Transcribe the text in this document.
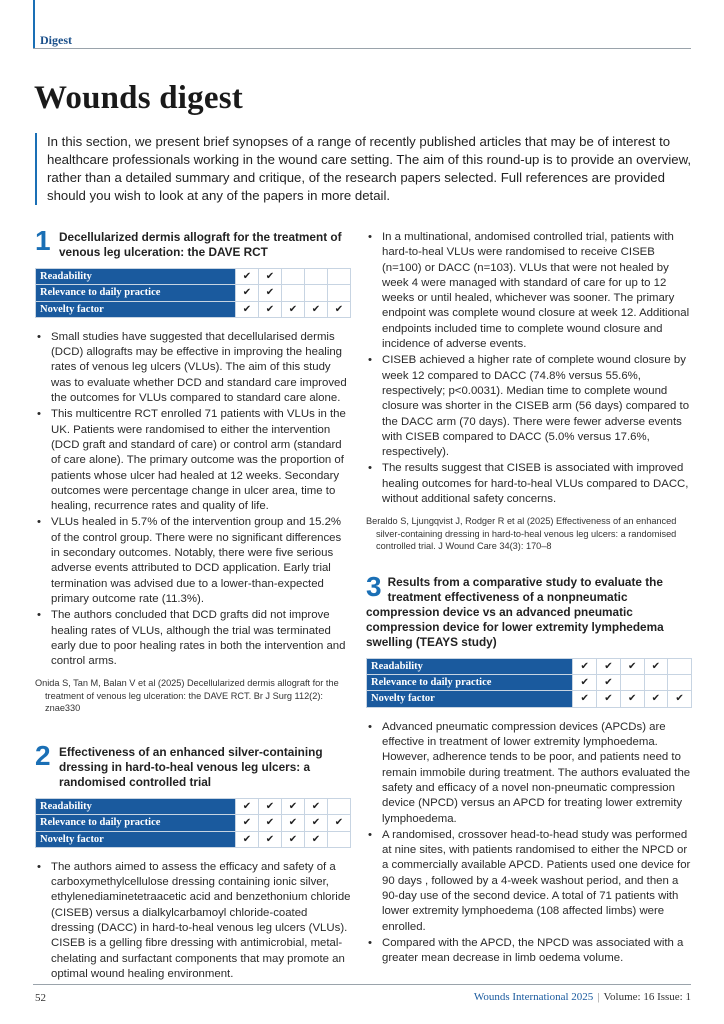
Digest
Wounds digest

In this section, we present brief synopses of a range of recently published articles that may be of interest to healthcare professionals working in the wound care setting. The aim of this round-up is to provide an overview, rather than a detailed summary and critique, of the research papers selected. Full references are provided should you wish to look at any of the papers in more detail.

1 Decellularized dermis allograft for the treatment of venous leg ulceration: the DAVE RCT
Readability	✔	✔			
Relevance to daily practice	✔	✔			
Novelty factor	✔	✔	✔	✔	✔
• Small studies have suggested that decellularised dermis (DCD) allografts may be effective in improving the healing rates of venous leg ulcers (VLUs). The aim of this study was to evaluate whether DCD and standard care improved the outcomes for VLUs compared to standard care alone.
• This multicentre RCT enrolled 71 patients with VLUs in the UK. Patients were randomised to either the intervention (DCD graft and standard of care) or control arm (standard of care alone). The primary outcome was the proportion of patients whose ulcer had healed at 12 weeks. Secondary outcomes were percentage change in ulcer area, time to healing, recurrence rates and quality of life.
• VLUs healed in 5.7% of the intervention group and 15.2% of the control group. There were no significant differences in secondary outcomes. Notably, there were five serious adverse events attributed to DCD application. Early trial termination was advised due to a lower-than-expected primary outcome rate (11.3%).
• The authors concluded that DCD grafts did not improve healing rates of VLUs, although the trial was terminated early due to poor healing rates in both the intervention and control arms.

Onida S, Tan M, Balan V et al (2025) Decellularized dermis allograft for the treatment of venous leg ulceration: the DAVE RCT. Br J Surg 112(2): znae330

2 Effectiveness of an enhanced silver-containing dressing in hard-to-heal venous leg ulcers: a randomised controlled trial
Readability	✔	✔	✔	✔	
Relevance to daily practice	✔	✔	✔	✔	✔
Novelty factor	✔	✔	✔	✔	
• The authors aimed to assess the efficacy and safety of a carboxymethylcellulose dressing containing ionic silver, ethylenediaminetetraacetic acid and benzethonium chloride (CISEB) versus a dialkylcarbamoyl chloride-coated dressing (DACC) in hard-to-heal venous leg ulcers (VLUs). CISEB is a gelling fibre dressing with antimicrobial, metal-chelating and surfactant components that may promote an optimal wound healing environment.
• In a multinational, andomised controlled trial, patients with hard-to-heal VLUs were randomised to receive CISEB (n=100) or DACC (n=103). VLUs that were not healed by week 4 were managed with standard of care for up to 12 weeks or until healed, whichever was sooner. The primary endpoint was complete wound closure at week 12. Additional endpoints included time to complete wound closure and incidence of adverse events.
• CISEB achieved a higher rate of complete wound closure by week 12 compared to DACC (74.8% versus 55.6%, respectively; p<0.0031). Median time to complete wound closure was shorter in the CISEB arm (56 days) compared to the DACC arm (70 days). There were fewer adverse events with CISEB compared to DACC (5.0% versus 17.6%, respectively).
• The results suggest that CISEB is associated with improved healing outcomes for hard-to-heal VLUs compared to DACC, without additional safety concerns.

Beraldo S, Ljungqvist J, Rodger R et al (2025) Effectiveness of an enhanced silver-containing dressing in hard-to-heal venous leg ulcers: a randomised controlled trial. J Wound Care 34(3): 170–8

3 Results from a comparative study to evaluate the treatment effectiveness of a nonpneumatic compression device vs an advanced pneumatic compression device for lower extremity lymphedema swelling (TEAYS study)
Readability	✔	✔	✔	✔	
Relevance to daily practice	✔	✔			
Novelty factor	✔	✔	✔	✔	✔
• Advanced pneumatic compression devices (APCDs) are effective in treatment of lower extremity lymphoedema. However, adherence tends to be poor, and patients need to remain immobile during treatment. The authors evaluated the safety and efficacy of a novel non-pneumatic compression device (NPCD) versus an APCD for treating lower extremity lymphoedema.
• A randomised, crossover head-to-head study was performed at nine sites, with patients randomised to either the NPCD or a commercially available APCD. Patients used one device for 90 days , followed by a 4-week washout period, and then a 90-day use of the second device. A total of 71 patients with lower extremity lymphoedema (108 affected limbs) were enrolled.
• Compared with the APCD, the NPCD was associated with a greater mean decrease in limb oedema volume.
52	Wounds International 2025 | Volume: 16 Issue: 1
